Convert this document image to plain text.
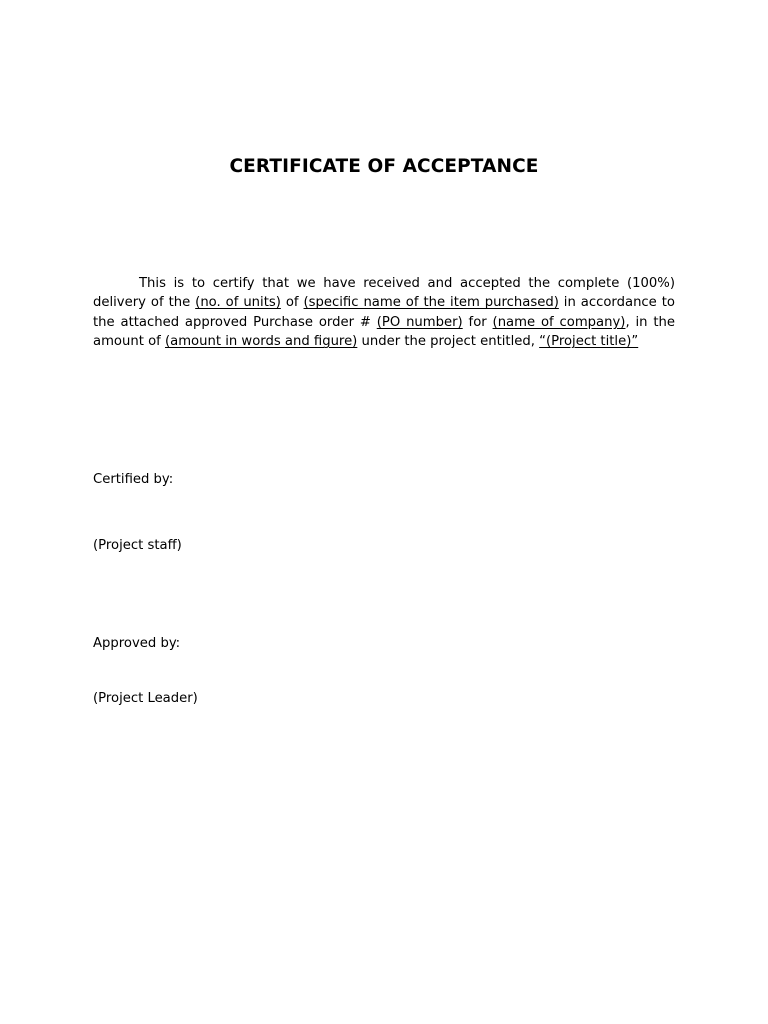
CERTIFICATE OF ACCEPTANCE

This is to certify that we have received and accepted the complete (100%) delivery of the (no. of units) of (specific name of the item purchased) in accordance to the attached approved Purchase order # (PO number) for (name of company), in the amount of (amount in words and figure) under the project entitled, “(Project title)”

Certified by:

(Project staff)

Approved by:

(Project Leader)
